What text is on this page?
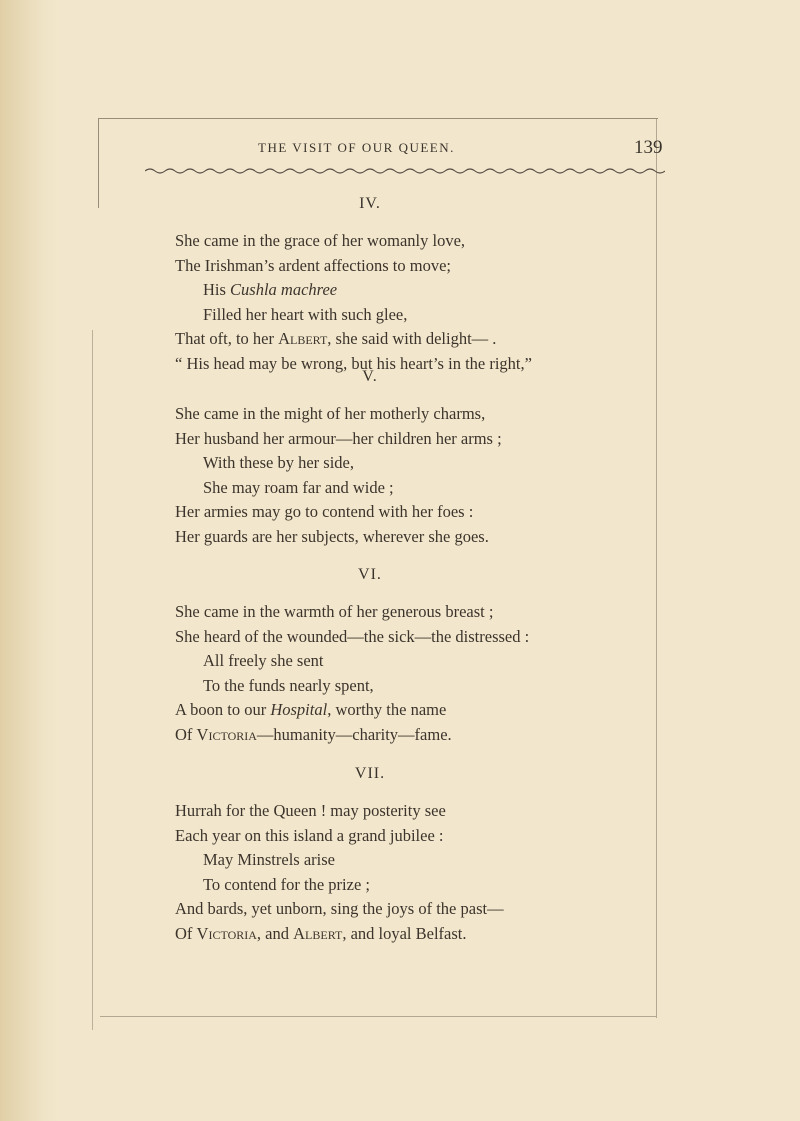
THE VISIT OF OUR QUEEN.	139
IV.
She came in the grace of her womanly love,
The Irishman’s ardent affections to move;
His Cushla machree
Filled her heart with such glee,
That oft, to her Albert, she said with delight— .
“ His head may be wrong, but his heart’s in the right,”
V.
She came in the might of her motherly charms,
Her husband her armour—her children her arms ;
With these by her side,
She may roam far and wide ;
Her armies may go to contend with her foes :
Her guards are her subjects, wherever she goes.
VI.
She came in the warmth of her generous breast ;
She heard of the wounded—the sick—the distressed :
All freely she sent
To the funds nearly spent,
A boon to our Hospital, worthy the name
Of Victoria—humanity—charity—fame.
VII.
Hurrah for the Queen ! may posterity see
Each year on this island a grand jubilee :
May Minstrels arise
To contend for the prize ;
And bards, yet unborn, sing the joys of the past—
Of Victoria, and Albert, and loyal Belfast.
